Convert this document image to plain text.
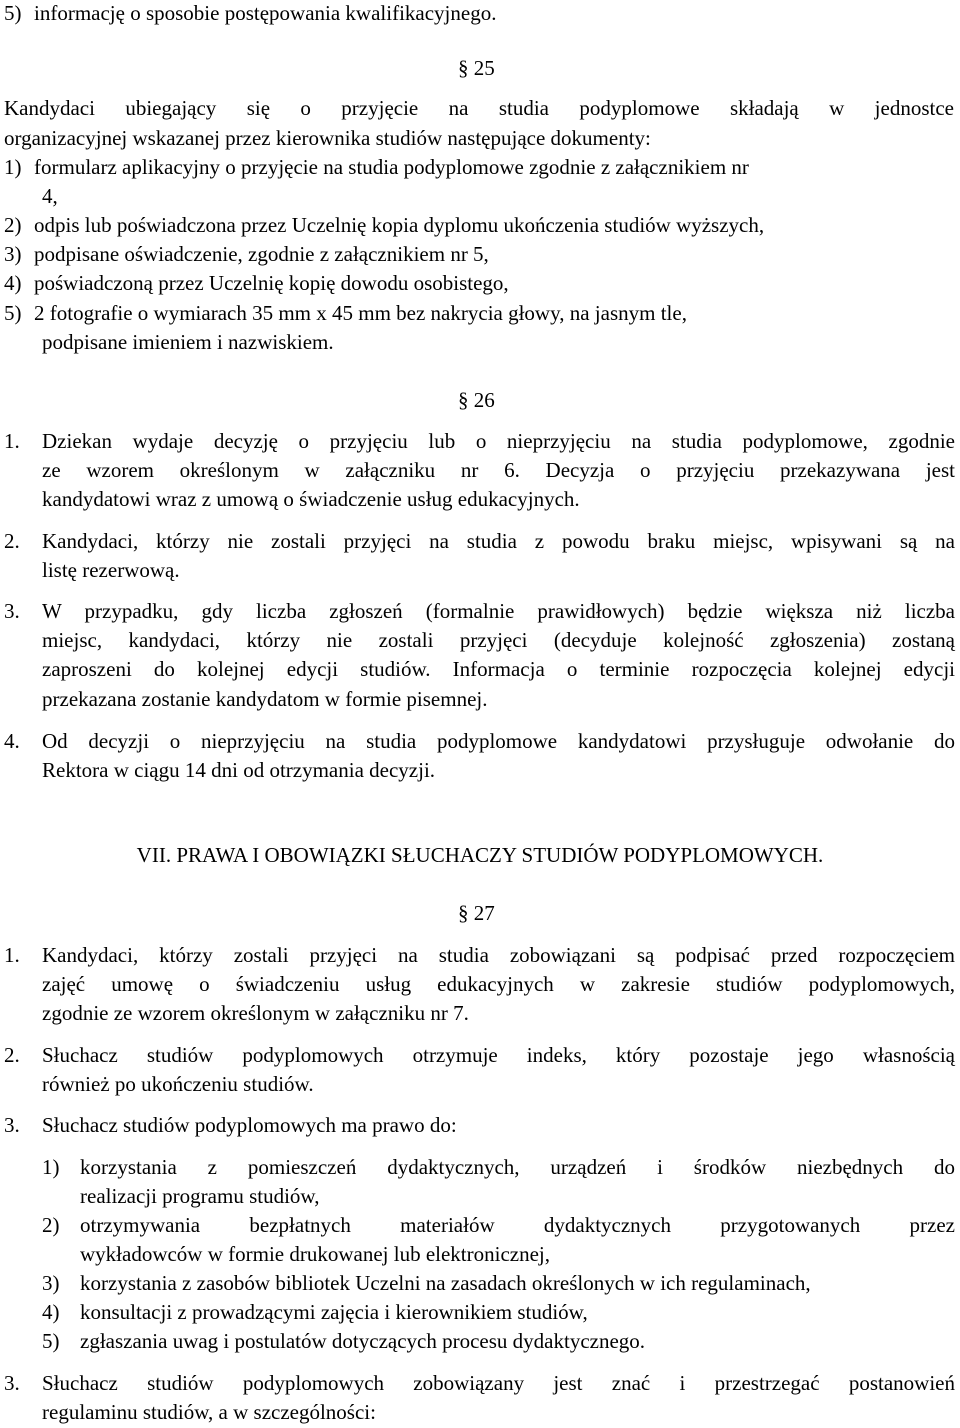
5) informację o sposobie postępowania kwalifikacyjnego.
§ 25
Kandydaci ubiegający się o przyjęcie na studia podyplomowe składają w jednostce
organizacyjnej wskazanej przez kierownika studiów następujące dokumenty:
1) formularz aplikacyjny o przyjęcie na studia podyplomowe zgodnie z załącznikiem nr
4,
2) odpis lub poświadczona przez Uczelnię kopia dyplomu ukończenia studiów wyższych,
3) podpisane oświadczenie, zgodnie z załącznikiem nr 5,
4) poświadczoną przez Uczelnię kopię dowodu osobistego,
5) 2 fotografie o wymiarach 35 mm x 45 mm bez nakrycia głowy, na jasnym tle,
podpisane imieniem i nazwiskiem.
§ 26
1. Dziekan wydaje decyzję o przyjęciu lub o nieprzyjęciu na studia podyplomowe, zgodnie
ze wzorem określonym w załączniku nr 6. Decyzja o przyjęciu przekazywana jest
kandydatowi wraz z umową o świadczenie usług edukacyjnych.
2. Kandydaci, którzy nie zostali przyjęci na studia z powodu braku miejsc, wpisywani są na
listę rezerwową.
3. W przypadku, gdy liczba zgłoszeń (formalnie prawidłowych) będzie większa niż liczba
miejsc, kandydaci, którzy nie zostali przyjęci (decyduje kolejność zgłoszenia) zostaną
zaproszeni do kolejnej edycji studiów. Informacja o terminie rozpoczęcia kolejnej edycji
przekazana zostanie kandydatom w formie pisemnej.
4. Od decyzji o nieprzyjęciu na studia podyplomowe kandydatowi przysługuje odwołanie do
Rektora w ciągu 14 dni od otrzymania decyzji.
VII. PRAWA I OBOWIĄZKI SŁUCHACZY STUDIÓW PODYPLOMOWYCH.
§ 27
1. Kandydaci, którzy zostali przyjęci na studia zobowiązani są podpisać przed rozpoczęciem
zajęć umowę o świadczeniu usług edukacyjnych w zakresie studiów podyplomowych,
zgodnie ze wzorem określonym w załączniku nr 7.
2. Słuchacz studiów podyplomowych otrzymuje indeks, który pozostaje jego własnością
również po ukończeniu studiów.
3. Słuchacz studiów podyplomowych ma prawo do:
1) korzystania z pomieszczeń dydaktycznych, urządzeń i środków niezbędnych do
realizacji programu studiów,
2) otrzymywania bezpłatnych materiałów dydaktycznych przygotowanych przez
wykładowców w formie drukowanej lub elektronicznej,
3) korzystania z zasobów bibliotek Uczelni na zasadach określonych w ich regulaminach,
4) konsultacji z prowadzącymi zajęcia i kierownikiem studiów,
5) zgłaszania uwag i postulatów dotyczących procesu dydaktycznego.
3. Słuchacz studiów podyplomowych zobowiązany jest znać i przestrzegać postanowień
regulaminu studiów, a w szczególności:
